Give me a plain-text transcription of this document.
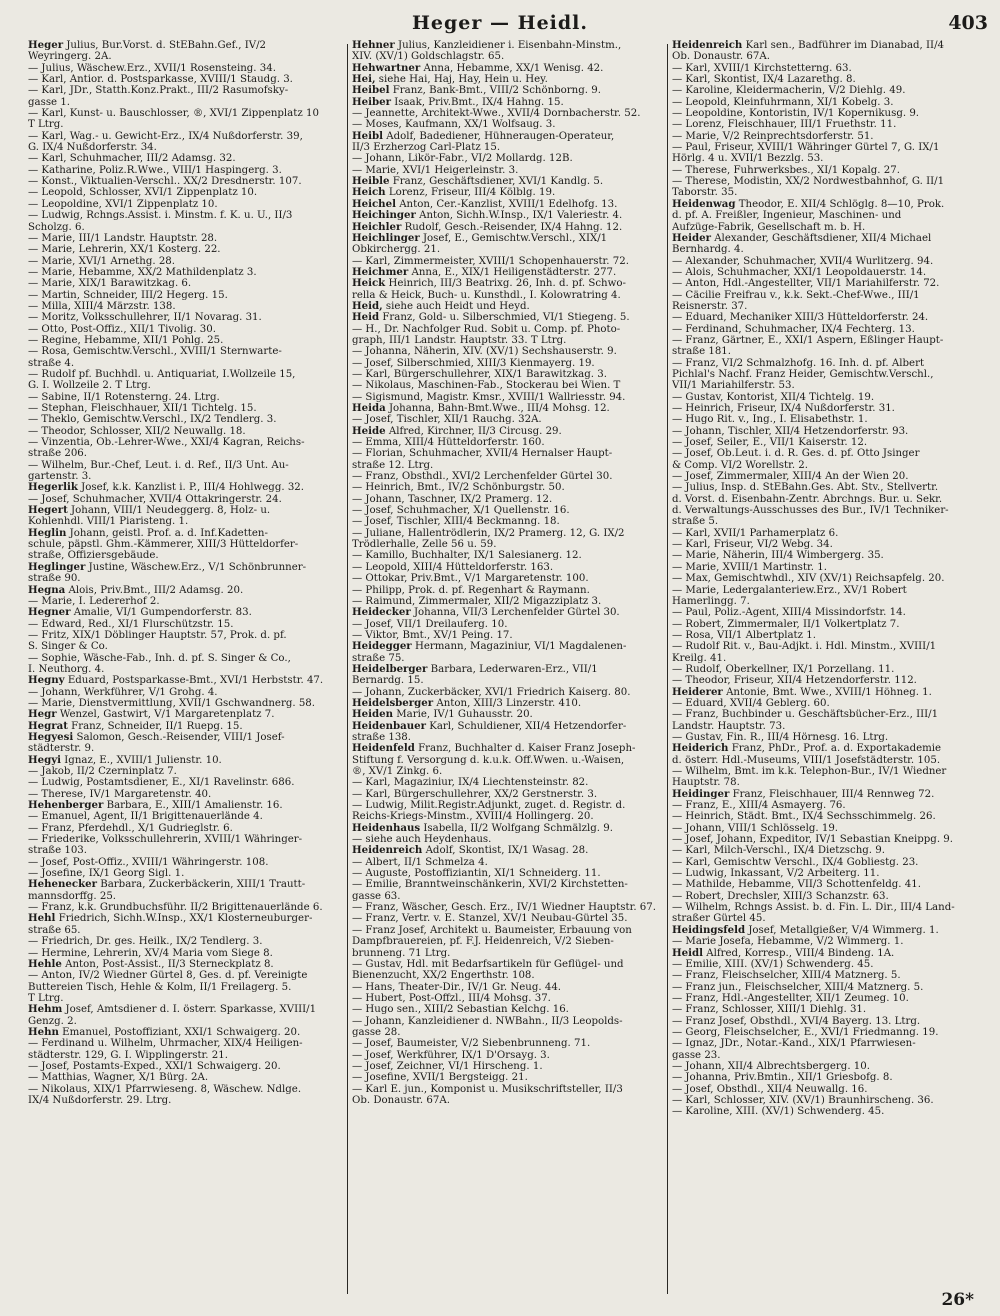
Heger — Heidl.	403
Heger Julius, Bur.Vorst. d. StEBahn.Gef., IV/2
Weyringerg. 2A.
— Julius, Wäschew.Erz., XVII/1 Rosensteing. 34.
— Karl, Antior. d. Postsparkasse, XVIII/1 Staudg. 3.
— Karl, JDr., Statth.Konz.Prakt., III/2 Rasumofsky-
gasse 1.
— Karl, Kunst- u. Bauschlosser, ®, XVI/1 Zippenplatz 10
T Ltrg.
— Karl, Wag.- u. Gewicht-Erz., IX/4 Nußdorferstr. 39,
G. IX/4 Nußdorferstr. 34.
— Karl, Schuhmacher, III/2 Adamsg. 32.
— Katharine, Poliz.R.Wwe., VIII/1 Haspingerg. 3.
— Konst., Viktualien-Verschl.. XX/2 Dresdnerstr. 107.
— Leopold, Schlosser, XVI/1 Zippenplatz 10.
— Leopoldine, XVI/1 Zippenplatz 10.
— Ludwig, Rchngs.Assist. i. Minstm. f. K. u. U., II/3
Scholzg. 6.
— Marie, III/1 Landstr. Hauptstr. 28.
— Marie, Lehrerin, XX/1 Kosterg. 22.
— Marie, XVI/1 Arnethg. 28.
— Marie, Hebamme, XX/2 Mathildenplatz 3.
— Marie, XIX/1 Barawitzkag. 6.
— Martin, Schneider, III/2 Hegerg. 15.
— Milla, XIII/4 Märzstr. 138.
— Moritz, Volksschullehrer, II/1 Novarag. 31.
— Otto, Post-Offiz., XII/1 Tivolig. 30.
— Regine, Hebamme, XII/1 Pohlg. 25.
— Rosa, Gemischtw.Verschl., XVIII/1 Sternwarte-
straße 4.
— Rudolf pf. Buchhdl. u. Antiquariat, I.Wollzeile 15,
G. I. Wollzeile 2. T Ltrg.
— Sabine, II/1 Rotensterng. 24. Ltrg.
— Stephan, Fleischhauer, XII/1 Tichtelg. 15.
— Theklo, Gemischtw.Verschl., IX/2 Tendlerg. 3.
— Theodor, Schlosser, XII/2 Neuwallg. 18.
— Vinzentia, Ob.-Lehrer-Wwe., XXI/4 Kagran, Reichs-
straße 206.
— Wilhelm, Bur.-Chef, Leut. i. d. Ref., II/3 Unt. Au-
gartenstr. 3.
Hegerlik Josef, k.k. Kanzlist i. P., III/4 Hohlwegg. 32.
— Josef, Schuhmacher, XVII/4 Ottakringerstr. 24.
Hegert Johann, VIII/1 Neudeggerg. 8, Holz- u.
Kohlenhdl. VIII/1 Piaristeng. 1.
Heglin Johann, geistl. Prof. a. d. Inf.Kadetten-
schule, päpstl. Ghm.-Kämmerer, XIII/3 Hütteldorfer-
straße, Offiziersgebäude.
Heglinger Justine, Wäschew.Erz., V/1 Schönbrunner-
straße 90.
Hegna Alois, Priv.Bmt., III/2 Adamsg. 20.
— Marie, I. Ledererhof 2.
Hegner Amalie, VI/1 Gumpendorferstr. 83.
— Edward, Red., XI/1 Flurschützstr. 15.
— Fritz, XIX/1 Döblinger Hauptstr. 57, Prok. d. pf.
S. Singer & Co.
— Sophie, Wäsche-Fab., Inh. d. pf. S. Singer & Co.,
I. Neuthorg. 4.
Hegny Eduard, Postsparkasse-Bmt., XVI/1 Herbststr. 47.
— Johann, Werkführer, V/1 Grohg. 4.
— Marie, Dienstvermittlung, XVII/1 Gschwandnerg. 58.
Hegr Wenzel, Gastwirt, V/1 Margaretenplatz 7.
Hegrat Franz, Schneider, II/1 Ruepg. 15.
Hegyesi Salomon, Gesch.-Reisender, VIII/1 Josef-
städterstr. 9.
Hegyi Ignaz, E., XVIII/1 Julienstr. 10.
— Jakob, II/2 Czerninplatz 7.
— Ludwig, Postamtsdiener, E., XI/1 Ravelinstr. 686.
— Therese, IV/1 Margaretenstr. 40.
Hehenberger Barbara, E., XIII/1 Amalienstr. 16.
— Emanuel, Agent, II/1 Brigittenauerlände 4.
— Franz, Pferdehdl., X/1 Gudrieglstr. 6.
— Friederike, Volksschullehrerin, XVIII/1 Währinger-
straße 103.
— Josef, Post-Offiz., XVIII/1 Währingerstr. 108.
— Josefine, IX/1 Georg Sigl. 1.
Hehenecker Barbara, Zuckerbäckerin, XIII/1 Trautt-
mannsdorffg. 25.
— Franz, k.k. Grundbuchsführ. II/2 Brigittenauerlände 6.
Hehl Friedrich, Sichh.W.Insp., XX/1 Klosterneuburger-
straße 65.
— Friedrich, Dr. ges. Heilk., IX/2 Tendlerg. 3.
— Hermine, Lehrerin, XV/4 Maria vom Siege 8.
Hehle Anton, Post-Assist., II/3 Sterneckplatz 8.
— Anton, IV/2 Wiedner Gürtel 8, Ges. d. pf. Vereinigte
Buttereien Tisch, Hehle & Kolm, II/1 Freilagerg. 5.
T Ltrg.
Hehm Josef, Amtsdiener d. I. österr. Sparkasse, XVIII/1
Genzg. 2.
Hehn Emanuel, Postoffiziant, XXI/1 Schwaigerg. 20.
— Ferdinand u. Wilhelm, Uhrmacher, XIX/4 Heiligen-
städterstr. 129, G. I. Wipplingerstr. 21.
— Josef, Postamts-Exped., XXI/1 Schwaigerg. 20.
— Matthias, Wagner, X/1 Bürg. 2A.
— Nikolaus, XIX/1 Pfarrwieseng. 8, Wäschew. Ndlge.
IX/4 Nußdorferstr. 29. Ltrg.
Hehner Julius, Kanzleidiener i. Eisenbahn-Minstm.,
XIV. (XV/1) Goldschlagstr. 65.
Hehwartner Anna, Hebamme, XX/1 Wenisg. 42.
Hei, siehe Hai, Haj, Hay, Hein u. Hey.
Heibel Franz, Bank-Bmt., VIII/2 Schönborng. 9.
Heiber Isaak, Priv.Bmt., IX/4 Hahng. 15.
— Jeannette, Architekt-Wwe., XVII/4 Dornbacherstr. 52.
— Moses, Kaufmann, XX/1 Wolfsaug. 3.
Heibl Adolf, Badediener, Hühneraugen-Operateur,
II/3 Erzherzog Carl-Platz 15.
— Johann, Likör-Fabr., VI/2 Mollardg. 12B.
— Marie, XVI/1 Heigerleinstr. 3.
Heible Franz, Geschäftsdiener, XVI/1 Kandlg. 5.
Heich Lorenz, Friseur, III/4 Kölblg. 19.
Heichel Anton, Cer.-Kanzlist, XVIII/1 Edelhofg. 13.
Heichinger Anton, Sichh.W.Insp., IX/1 Valeriestr. 4.
Heichler Rudolf, Gesch.-Reisender, IX/4 Hahng. 12.
Heichlinger Josef, E., Gemischtw.Verschl., XIX/1
Obkirchergg. 21.
— Karl, Zimmermeister, XVIII/1 Schopenhauerstr. 72.
Heichmer Anna, E., XIX/1 Heiligenstädterstr. 277.
Heick Heinrich, III/3 Beatrixg. 26, Inh. d. pf. Schwo-
rella & Heick, Buch- u. Kunsthdl., I. Kolowratring 4.
Heid, siehe auch Heidt und Heyd.
Heid Franz, Gold- u. Silberschmied, VI/1 Stiegeng. 5.
— H., Dr. Nachfolger Rud. Sobit u. Comp. pf. Photo-
graph, III/1 Landstr. Hauptstr. 33. T Ltrg.
— Johanna, Näherin, XIV. (XV/1) Sechshauserstr. 9.
— Josef, Silberschmied, XIII/3 Kienmayerg. 19.
— Karl, Bürgerschullehrer, XIX/1 Barawitzkag. 3.
— Nikolaus, Maschinen-Fab., Stockerau bei Wien. T
— Sigismund, Magistr. Kmsr., XVIII/1 Wallriesstr. 94.
Heida Johanna, Bahn-Bmt.Wwe., III/4 Mohsg. 12.
— Josef, Tischler, XII/1 Rauchg. 32A.
Heide Alfred, Kirchner, II/3 Circusg. 29.
— Emma, XIII/4 Hütteldorferstr. 160.
— Florian, Schuhmacher, XVII/4 Hernalser Haupt-
straße 12. Ltrg.
— Franz, Obsthdl., XVI/2 Lerchenfelder Gürtel 30.
— Heinrich, Bmt., IV/2 Schönburgstr. 50.
— Johann, Taschner, IX/2 Pramerg. 12.
— Josef, Schuhmacher, X/1 Quellenstr. 16.
— Josef, Tischler, XIII/4 Beckmanng. 18.
— Juliane, Hallentrödlerin, IX/2 Pramerg. 12, G. IX/2
Trödlerhalle, Zelle 56 u. 59.
— Kamillo, Buchhalter, IX/1 Salesianerg. 12.
— Leopold, XIII/4 Hütteldorferstr. 163.
— Ottokar, Priv.Bmt., V/1 Margaretenstr. 100.
— Philipp, Prok. d. pf. Regenhart & Raymann.
— Raimund, Zimmermaler, XII/2 Migazziplatz 3.
Heidecker Johanna, VII/3 Lerchenfelder Gürtel 30.
— Josef, VII/1 Dreilauferg. 10.
— Viktor, Bmt., XV/1 Peing. 17.
Heidegger Hermann, Magaziniur, VI/1 Magdalenen-
straße 75.
Heidelberger Barbara, Lederwaren-Erz., VII/1
Bernardg. 15.
— Johann, Zuckerbäcker, XVI/1 Friedrich Kaiserg. 80.
Heidelsberger Anton, XIII/3 Linzerstr. 410.
Heiden Marie, IV/1 Guhausstr. 20.
Heidenbauer Karl, Schuldiener, XII/4 Hetzendorfer-
straße 138.
Heidenfeld Franz, Buchhalter d. Kaiser Franz Joseph-
Stiftung f. Versorgung d. k.u.k. Off.Wwen. u.-Waisen,
®, XV/1 Zinkg. 6.
— Karl, Magaziniur, IX/4 Liechtensteinstr. 82.
— Karl, Bürgerschullehrer, XX/2 Gerstnerstr. 3.
— Ludwig, Milit.Registr.Adjunkt, zuget. d. Registr. d.
Reichs-Kriegs-Minstm., XVIII/4 Hollingerg. 20.
Heidenhaus Isabella, II/2 Wolfgang Schmälzlg. 9.
— siehe auch Heydenhaus.
Heidenreich Adolf, Skontist, IX/1 Wasag. 28.
— Albert, II/1 Schmelza 4.
— Auguste, Postoffiziantin, XI/1 Schneiderg. 11.
— Emilie, Branntweinschänkerin, XVI/2 Kirchstetten-
gasse 63.
— Franz, Wäscher, Gesch. Erz., IV/1 Wiedner Hauptstr. 67.
— Franz, Vertr. v. E. Stanzel, XV/1 Neubau-Gürtel 35.
— Franz Josef, Architekt u. Baumeister, Erbauung von
Dampfbrauereien, pf. F.J. Heidenreich, V/2 Sieben-
brunneng. 71 Ltrg.
— Gustav, Hdl. mit Bedarfsartikeln für Geflügel- und
Bienenzucht, XX/2 Engerthstr. 108.
— Hans, Theater-Dir., IV/1 Gr. Neug. 44.
— Hubert, Post-Offzl., III/4 Mohsg. 37.
— Hugo sen., XIII/2 Sebastian Kelchg. 16.
— Johann, Kanzleidiener d. NWBahn., II/3 Leopolds-
gasse 28.
— Josef, Baumeister, V/2 Siebenbrunneng. 71.
— Josef, Werkführer, IX/1 D'Orsayg. 3.
— Josef, Zeichner, VI/1 Hirscheng. 1.
— Josefine, XVII/1 Bergsteigg. 21.
— Karl E. jun., Komponist u. Musikschriftsteller, II/3
Ob. Donaustr. 67A.
Heidenreich Karl sen., Badführer im Dianabad, II/4
Ob. Donaustr. 67A.
— Karl, XVIII/1 Kirchstetterng. 63.
— Karl, Skontist, IX/4 Lazarethg. 8.
— Karoline, Kleidermacherin, V/2 Diehlg. 49.
— Leopold, Kleinfuhrmann, XI/1 Kobelg. 3.
— Leopoldine, Kontoristin, IV/1 Kopernikusg. 9.
— Lorenz, Fleischhauer, III/1 Fruethstr. 11.
— Marie, V/2 Reinprechtsdorferstr. 51.
— Paul, Friseur, XVIII/1 Währinger Gürtel 7, G. IX/1
Hörlg. 4 u. XVII/1 Bezzlg. 53.
— Therese, Fuhrwerksbes., XI/1 Kopalg. 27.
— Therese, Modistin, XX/2 Nordwestbahnhof, G. II/1
Taborstr. 35.
Heidenwag Theodor, E. XII/4 Schlöglg. 8—10, Prok.
d. pf. A. Freißler, Ingenieur, Maschinen- und
Aufzüge-Fabrik, Gesellschaft m. b. H.
Heider Alexander, Geschäftsdiener, XII/4 Michael
Bernhardg. 4.
— Alexander, Schuhmacher, XVII/4 Wurlitzerg. 94.
— Alois, Schuhmacher, XXI/1 Leopoldauerstr. 14.
— Anton, Hdl.-Angestellter, VII/1 Mariahilferstr. 72.
— Cäcilie Freifrau v., k.k. Sekt.-Chef-Wwe., III/1
Reisnerstr. 37.
— Eduard, Mechaniker XIII/3 Hütteldorferstr. 24.
— Ferdinand, Schuhmacher, IX/4 Fechterg. 13.
— Franz, Gärtner, E., XXI/1 Aspern, Eßlinger Haupt-
straße 181.
— Franz, VI/2 Schmalzhofg. 16. Inh. d. pf. Albert
Pichlal's Nachf. Franz Heider, Gemischtw.Verschl.,
VII/1 Mariahilferstr. 53.
— Gustav, Kontorist, XII/4 Tichtelg. 19.
— Heinrich, Friseur, IX/4 Nußdorferstr. 31.
— Hugo Rit. v., Ing., I. Elisabethstr. 1.
— Johann, Tischler, XII/4 Hetzendorferstr. 93.
— Josef, Seiler, E., VII/1 Kaiserstr. 12.
— Josef, Ob.Leut. i. d. R. Ges. d. pf. Otto Jsinger
& Comp. VI/2 Worellstr. 2.
— Josef, Zimmermaler, XIII/4 An der Wien 20.
— Julius, Insp. d. StEBahn.Ges. Abt. Stv., Stellvertr.
d. Vorst. d. Eisenbahn-Zentr. Abrchngs. Bur. u. Sekr.
d. Verwaltungs-Ausschusses des Bur., IV/1 Techniker-
straße 5.
— Karl, XVII/1 Parhamerplatz 6.
— Karl, Friseur, VI/2 Webg. 34.
— Marie, Näherin, III/4 Wimbergerg. 35.
— Marie, XVIII/1 Martinstr. 1.
— Max, Gemischtwhdl., XIV (XV/1) Reichsapfelg. 20.
— Marie, Ledergalanteriew.Erz., XV/1 Robert
Hamerlingg. 7.
— Paul, Poliz.-Agent, XIII/4 Missindorfstr. 14.
— Robert, Zimmermaler, II/1 Volkertplatz 7.
— Rosa, VII/1 Albertplatz 1.
— Rudolf Rit. v., Bau-Adjkt. i. Hdl. Minstm., XVIII/1
Kreilg. 41.
— Rudolf, Oberkellner, IX/1 Porzellang. 11.
— Theodor, Friseur, XII/4 Hetzendorferstr. 112.
Heiderer Antonie, Bmt. Wwe., XVIII/1 Höhneg. 1.
— Eduard, XVII/4 Geblerg. 60.
— Franz, Buchbinder u. Geschäftsbücher-Erz., III/1
Landstr. Hauptstr. 73.
— Gustav, Fin. R., III/4 Hörnesg. 16. Ltrg.
Heiderich Franz, PhDr., Prof. a. d. Exportakademie
d. österr. Hdl.-Museums, VIII/1 Josefstädterstr. 105.
— Wilhelm, Bmt. im k.k. Telephon-Bur., IV/1 Wiedner
Hauptstr. 78.
Heidinger Franz, Fleischhauer, III/4 Rennweg 72.
— Franz, E., XIII/4 Asmayerg. 76.
— Heinrich, Städt. Bmt., IX/4 Sechsschimmelg. 26.
— Johann, VIII/1 Schlösselg. 19.
— Josef, Johann, Expeditor, IV/1 Sebastian Kneippg. 9.
— Karl, Milch-Verschl., IX/4 Dietzschg. 9.
— Karl, Gemischtw Verschl., IX/4 Gobliestg. 23.
— Ludwig, Inkassant, V/2 Arbeiterg. 11.
— Mathilde, Hebamme, VII/3 Schottenfeldg. 41.
— Robert, Drechsler, XIII/3 Schanzstr. 63.
— Wilhelm, Rchngs Assist. b. d. Fin. L. Dir., III/4 Land-
straßer Gürtel 45.
Heidingsfeld Josef, Metallgießer, V/4 Wimmerg. 1.
— Marie Josefa, Hebamme, V/2 Wimmerg. 1.
Heidl Alfred, Korresp., VIII/4 Bindeng. 1A.
— Emilie, XIII. (XV/1) Schwenderg. 45.
— Franz, Fleischselcher, XIII/4 Matznerg. 5.
— Franz jun., Fleischselcher, XIII/4 Matznerg. 5.
— Franz, Hdl.-Angestellter, XII/1 Zeumeg. 10.
— Franz, Schlosser, XIII/1 Diehlg. 31.
— Franz Josef, Obsthdl., XVI/4 Bayerg. 13. Ltrg.
— Georg, Fleischselcher, E., XVI/1 Friedmanng. 19.
— Ignaz, JDr., Notar.-Kand., XIX/1 Pfarrwiesen-
gasse 23.
— Johann, XII/4 Albrechtsbergerg. 10.
— Johanna, Priv.Bmtin., XII/1 Griesbofg. 8.
— Josef, Obsthdl., XII/4 Neuwallg. 16.
— Karl, Schlosser, XIV. (XV/1) Braunhirscheng. 36.
— Karoline, XIII. (XV/1) Schwenderg. 45.
26*
